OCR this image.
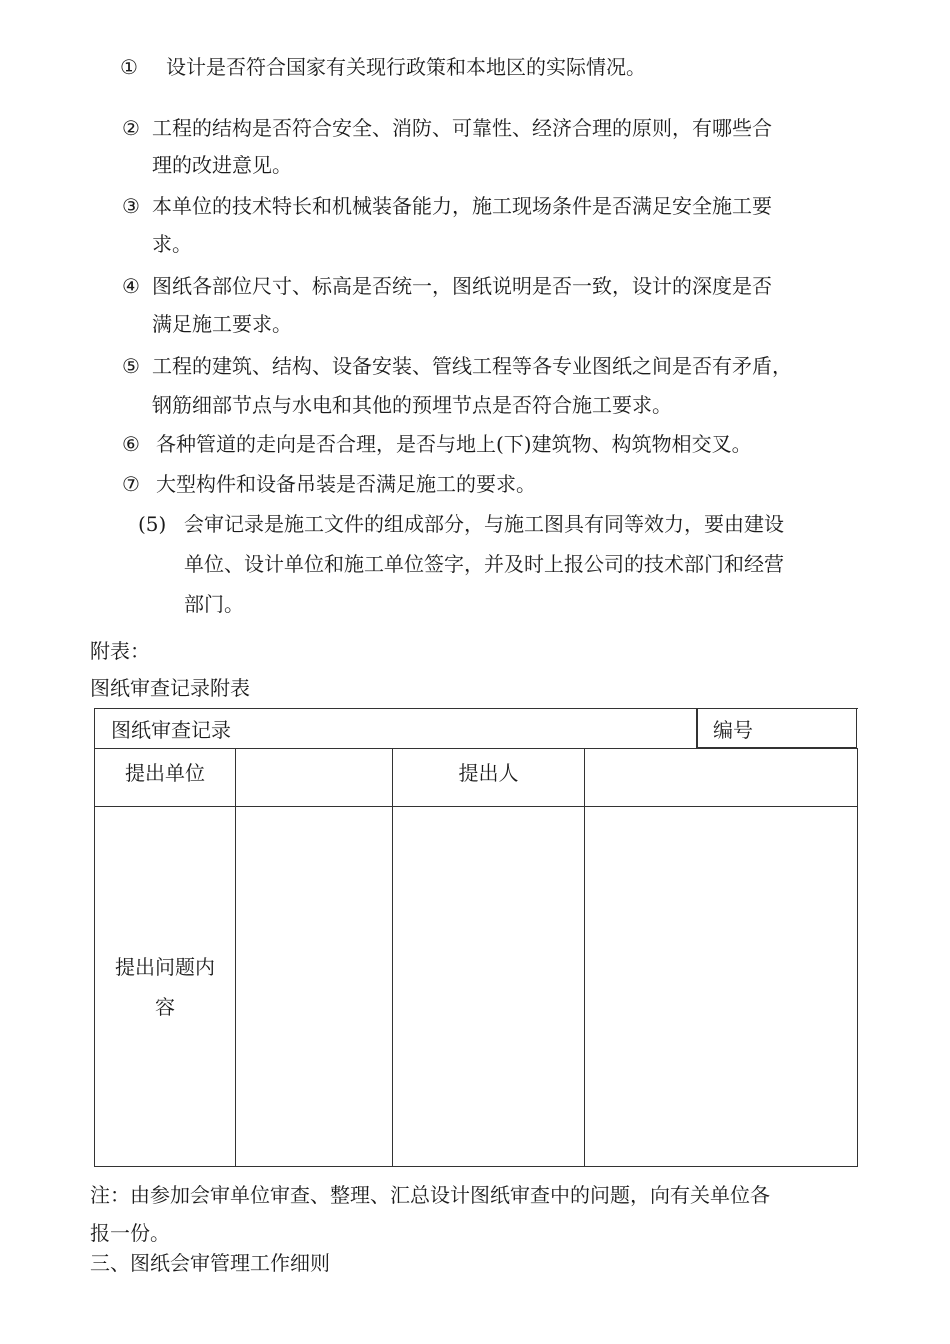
① 设计是否符合国家有关现行政策和本地区的实际情况。
② 工程的结构是否符合安全、消防、可靠性、经济合理的原则，有哪些合
理的改进意见。
③ 本单位的技术特长和机械装备能力，施工现场条件是否满足安全施工要
求。
④ 图纸各部位尺寸、标高是否统一，图纸说明是否一致，设计的深度是否
满足施工要求。
⑤ 工程的建筑、结构、设备安装、管线工程等各专业图纸之间是否有矛盾，
钢筋细部节点与水电和其他的预埋节点是否符合施工要求。
⑥ 各种管道的走向是否合理，是否与地上(下)建筑物、构筑物相交叉。
⑦ 大型构件和设备吊装是否满足施工的要求。
(5) 会审记录是施工文件的组成部分，与施工图具有同等效力，要由建设
单位、设计单位和施工单位签字，并及时上报公司的技术部门和经营
部门。
附表：
图纸审查记录附表
图纸审查记录				编号
提出单位		提出人		
提出问题内
容				
注：由参加会审单位审查、整理、汇总设计图纸审查中的问题，向有关单位各
报一份。
三、图纸会审管理工作细则
